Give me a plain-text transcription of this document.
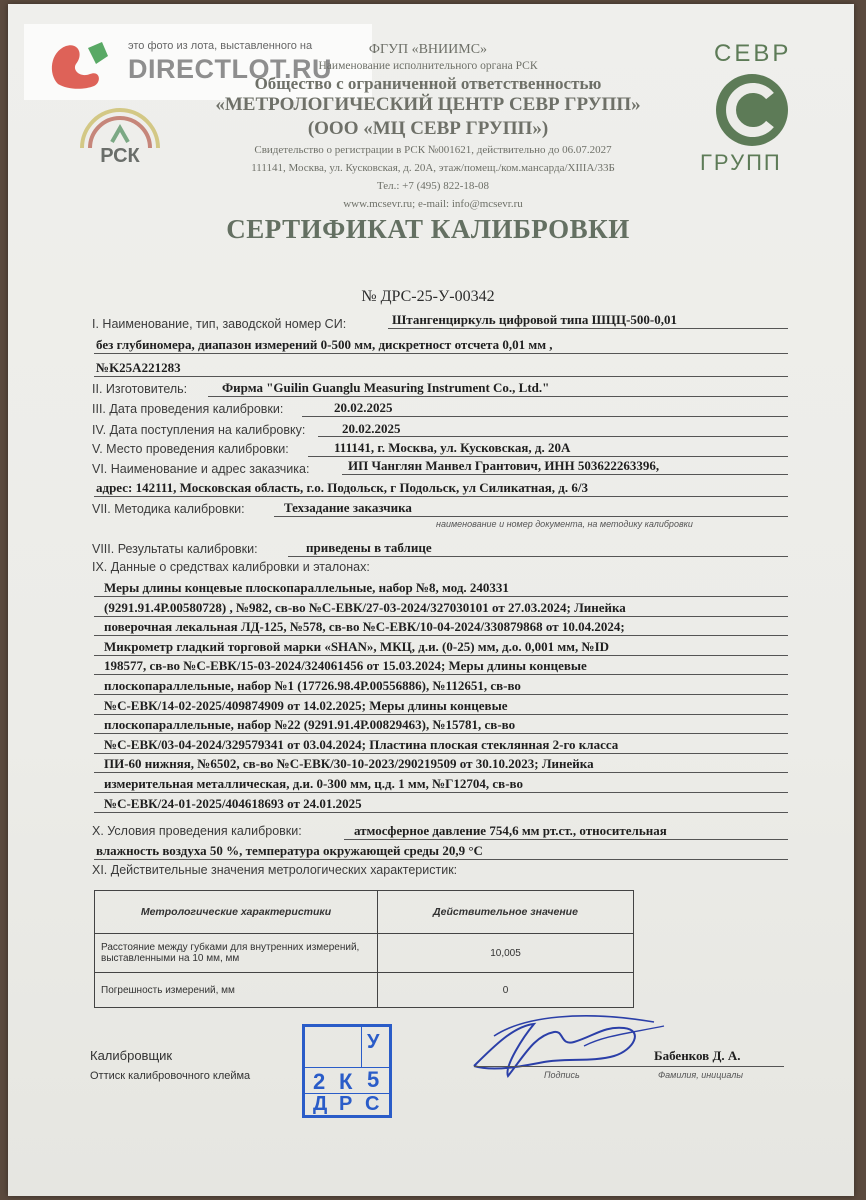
это фото из лота, выставленного на
DIRECTLOT.RU
РСК
СЕВР
ГРУПП
ФГУП «ВНИИМС»
Наименование исполнительного органа РСК
Общество с ограниченной ответственностью
«МЕТРОЛОГИЧЕСКИЙ ЦЕНТР СЕВР ГРУПП»
(ООО «МЦ СЕВР ГРУПП»)
Свидетельство о регистрации в РСК №001621, действительно до 06.07.2027
111141, Москва, ул. Кусковская, д. 20А, этаж/помещ./ком.мансарда/XIIIA/33Б
Тел.: +7 (495) 822-18-08
www.mcsevr.ru; e-mail: info@mcsevr.ru
СЕРТИФИКАТ КАЛИБРОВКИ
№ ДРС-25-У-00342
I. Наименование, тип, заводской номер СИ:	Штангенциркуль цифровой типа ШЦЦ-500-0,01
без глубиномера, диапазон измерений 0-500 мм, дискретност отсчета 0,01 мм ,
№K25A221283
II. Изготовитель:	Фирма "Guilin Guanglu Measuring Instrument Co., Ltd."
III. Дата проведения калибровки:	20.02.2025
IV. Дата поступления на калибровку:	20.02.2025
V. Место проведения калибровки:	111141, г. Москва, ул. Кусковская, д. 20А
VI. Наименование и адрес заказчика:	ИП Чанглян Манвел Грантович, ИНН 503622263396,
адрес: 142111, Московская область, г.о. Подольск, г Подольск, ул Силикатная, д. 6/3
VII. Методика калибровки:	Техзадание заказчика
наименование и номер документа, на методику калибровки
VIII. Результаты калибровки:	приведены в таблице
IX. Данные о средствах калибровки и эталонах:
Меры длины концевые плоскопараллельные, набор №8, мод. 240331
(9291.91.4Р.00580728) , №982, св-во №С-ЕВК/27-03-2024/327030101 от 27.03.2024; Линейка
поверочная лекальная ЛД-125, №578, св-во №С-ЕВК/10-04-2024/330879868 от 10.04.2024;
Микрометр гладкий торговой марки «SHAN», МКЦ, д.и. (0-25) мм, д.о. 0,001 мм, №ID
198577, св-во №С-ЕВК/15-03-2024/324061456 от 15.03.2024; Меры длины концевые
плоскопараллельные, набор №1 (17726.98.4Р.00556886), №112651, св-во
№С-ЕВК/14-02-2025/409874909 от 14.02.2025; Меры длины концевые
плоскопараллельные, набор №22 (9291.91.4Р.00829463), №15781, св-во
№С-ЕВК/03-04-2024/329579341 от 03.04.2024; Пластина плоская стеклянная 2-го класса
ПИ-60 нижняя, №6502, св-во №С-ЕВК/30-10-2023/290219509 от 30.10.2023; Линейка
измерительная металлическая, д.и. 0-300 мм, ц.д. 1 мм, №Г12704, св-во
№С-ЕВК/24-01-2025/404618693 от 24.01.2025
X. Условия проведения калибровки:	атмосферное давление 754,6 мм рт.ст., относительная
влажность воздуха 50 %, температура окружающей среды 20,9 °С
XI. Действительные значения метрологических характеристик:
Метрологические характеристики	Действительное значение
Расстояние между губками для внутренних измерений, выставленными на 10 мм, мм	10,005
Погрешность измерений, мм	0
Калибровщик
Оттиск калибровочного клейма
У
2 К 5
Д Р С
Подпись
Бабенков Д. А.
Фамилия, инициалы
